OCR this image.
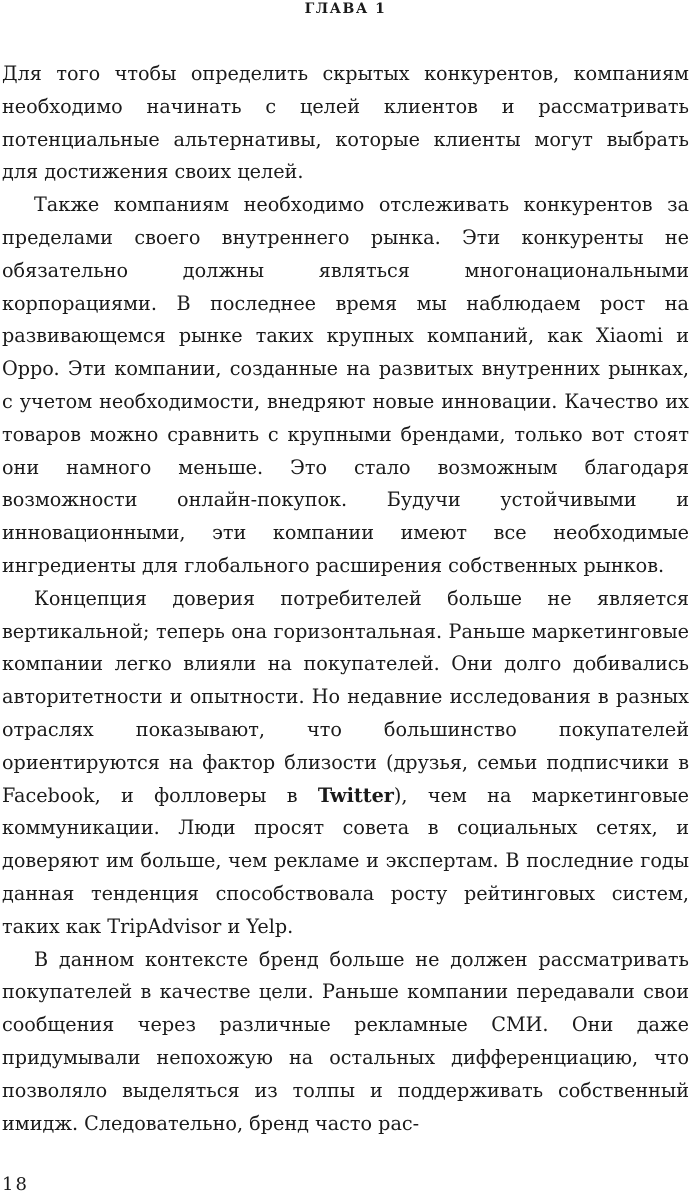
ГЛАВА 1

Для того чтобы определить скрытых конкурентов, компаниям необходимо начинать с целей клиентов и рассматривать потенциальные альтернативы, которые клиенты могут выбрать для достижения своих целей.

Также компаниям необходимо отслеживать конкурентов за пределами своего внутреннего рынка. Эти конкуренты не обязательно должны являться многонациональными корпорациями. В последнее время мы наблюдаем рост на развивающемся рынке таких крупных компаний, как Xiaomi и Oppo. Эти компании, созданные на развитых внутренних рынках, с учетом необходимости, внедряют новые инновации. Качество их товаров можно сравнить с крупными брендами, только вот стоят они намного меньше. Это стало возможным благодаря возможности онлайн-покупок. Будучи устойчивыми и инновационными, эти компании имеют все необходимые ингредиенты для глобального расширения собственных рынков.

Концепция доверия потребителей больше не является вертикальной; теперь она горизонтальная. Раньше маркетинговые компании легко влияли на покупателей. Они долго добивались авторитетности и опытности. Но недавние исследования в разных отраслях показывают, что большинство покупателей ориентируются на фактор близости (друзья, семьи подписчики в Facebook, и фолловеры в Twitter), чем на маркетинговые коммуникации. Люди просят совета в социальных сетях, и доверяют им больше, чем рекламе и экспертам. В последние годы данная тенденция способствовала росту рейтинговых систем, таких как TripAdvisor и Yelp.

В данном контексте бренд больше не должен рассматривать покупателей в качестве цели. Раньше компании передавали свои сообщения через различные рекламные СМИ. Они даже придумывали непохожую на остальных дифференциацию, что позволяло выделяться из толпы и поддерживать собственный имидж. Следовательно, бренд часто рас-

18
